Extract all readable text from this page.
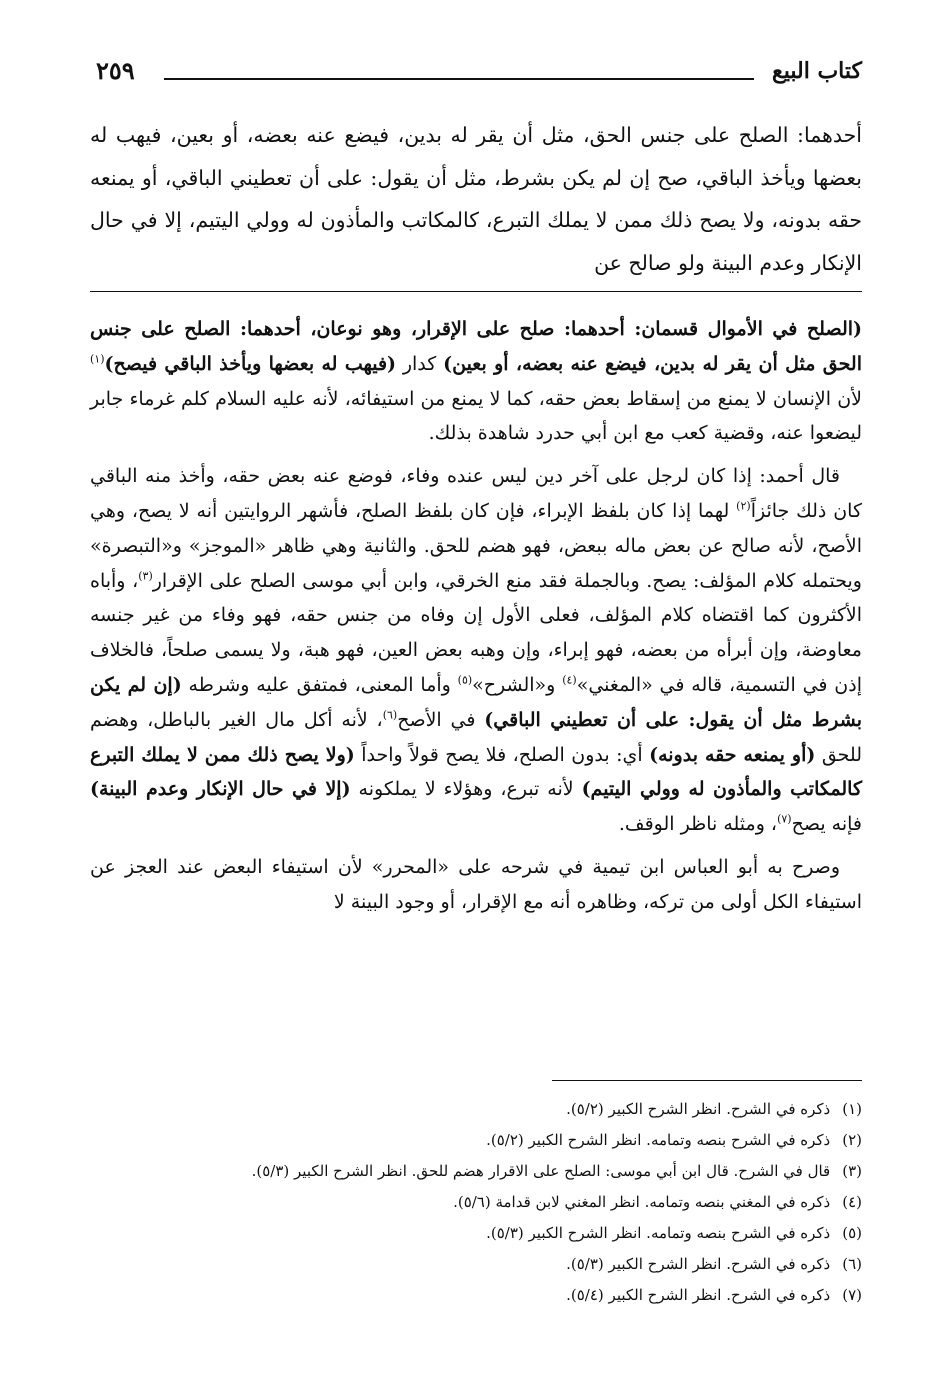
كتاب البيع
٢٥٩
أحدهما: الصلح على جنس الحق، مثل أن يقر له بدين، فيضع عنه بعضه، أو بعين، فيهب له بعضها ويأخذ الباقي، صح إن لم يكن بشرط، مثل أن يقول: على أن تعطيني الباقي، أو يمنعه حقه بدونه، ولا يصح ذلك ممن لا يملك التبرع، كالمكاتب والمأذون له وولي اليتيم، إلا في حال الإنكار وعدم البينة ولو صالح عن

(الصلح في الأموال قسمان: أحدهما: صلح على الإقرار، وهو نوعان، أحدهما: الصلح على جنس الحق مثل أن يقر له بدين، فيضع عنه بعضه، أو بعين) كدار (فيهب له بعضها ويأخذ الباقي فيصح)$^{(١)}$ لأن الإنسان لا يمنع من إسقاط بعض حقه، كما لا يمنع من استيفائه، لأنه عليه السلام كلم غرماء جابر ليضعوا عنه، وقضية كعب مع ابن أبي حدرد شاهدة بذلك.

قال أحمد: إذا كان لرجل على آخر دين ليس عنده وفاء، فوضع عنه بعض حقه، وأخذ منه الباقي كان ذلك جائزاً$^{(٢)}$ لهما إذا كان بلفظ الإبراء، فإن كان بلفظ الصلح، فأشهر الروايتين أنه لا يصح، وهي الأصح، لأنه صالح عن بعض ماله ببعض، فهو هضم للحق. والثانية وهي ظاهر «الموجز» و«التبصرة» ويحتمله كلام المؤلف: يصح. وبالجملة فقد منع الخرقي، وابن أبي موسى الصلح على الإقرار$^{(٣)}$، وأباه الأكثرون كما اقتضاه كلام المؤلف، فعلى الأول إن وفاه من جنس حقه، فهو وفاء من غير جنسه معاوضة، وإن أبرأه من بعضه، فهو إبراء، وإن وهبه بعض العين، فهو هبة، ولا يسمى صلحاً، فالخلاف إذن في التسمية، قاله في «المغني»$^{(٤)}$ و«الشرح»$^{(٥)}$ وأما المعنى، فمتفق عليه وشرطه (إن لم يكن بشرط مثل أن يقول: على أن تعطيني الباقي) في الأصح$^{(٦)}$، لأنه أكل مال الغير بالباطل، وهضم للحق (أو يمنعه حقه بدونه) أي: بدون الصلح، فلا يصح قولاً واحداً (ولا يصح ذلك ممن لا يملك التبرع كالمكاتب والمأذون له وولي اليتيم) لأنه تبرع، وهؤلاء لا يملكونه (إلا في حال الإنكار وعدم البينة) فإنه يصح$^{(٧)}$، ومثله ناظر الوقف.

وصرح به أبو العباس ابن تيمية في شرحه على «المحرر» لأن استيفاء البعض عند العجز عن استيفاء الكل أولى من تركه، وظاهره أنه مع الإقرار، أو وجود البينة لا

(١)ذكره في الشرح. انظر الشرح الكبير (٥/٢).
(٢)ذكره في الشرح بنصه وتمامه. انظر الشرح الكبير (٥/٢).
(٣)قال في الشرح. قال ابن أبي موسى: الصلح على الاقرار هضم للحق. انظر الشرح الكبير (٥/٣).
(٤)ذكره في المغني بنصه وتمامه. انظر المغني لابن قدامة (٥/٦).
(٥)ذكره في الشرح بنصه وتمامه. انظر الشرح الكبير (٥/٣).
(٦)ذكره في الشرح. انظر الشرح الكبير (٥/٣).
(٧)ذكره في الشرح. انظر الشرح الكبير (٥/٤).
